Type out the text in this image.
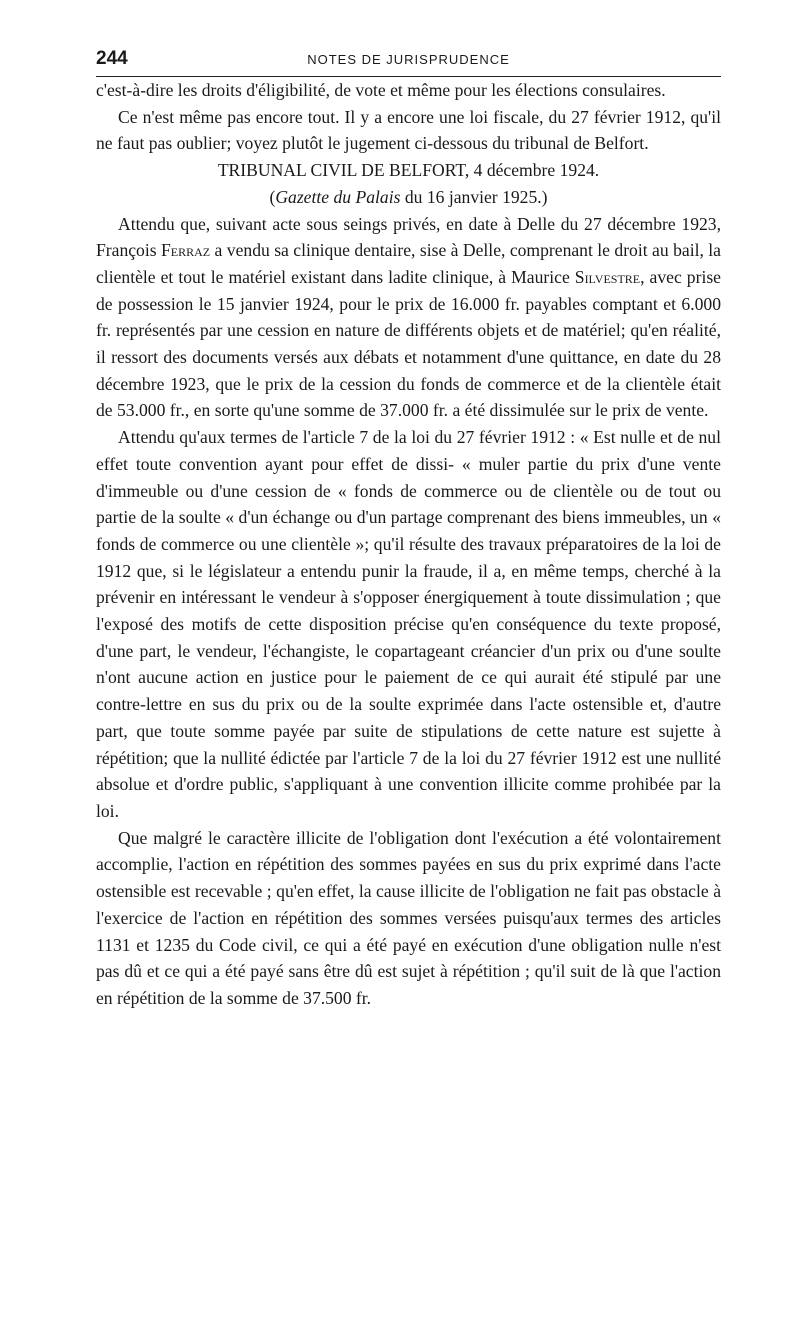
244	NOTES DE JURISPRUDENCE

c'est-à-dire les droits d'éligibilité, de vote et même pour les élections consulaires.

Ce n'est même pas encore tout. Il y a encore une loi fiscale, du 27 février 1912, qu'il ne faut pas oublier; voyez plutôt le jugement ci-dessous du tribunal de Belfort.

TRIBUNAL CIVIL DE BELFORT, 4 décembre 1924.

(Gazette du Palais du 16 janvier 1925.)

Attendu que, suivant acte sous seings privés, en date à Delle du 27 décembre 1923, François Ferraz a vendu sa clinique dentaire, sise à Delle, comprenant le droit au bail, la clientèle et tout le matériel existant dans ladite clinique, à Maurice Silvestre, avec prise de possession le 15 janvier 1924, pour le prix de 16.000 fr. payables comptant et 6.000 fr. représentés par une cession en nature de différents objets et de matériel; qu'en réalité, il ressort des documents versés aux débats et notamment d'une quittance, en date du 28 décembre 1923, que le prix de la cession du fonds de commerce et de la clientèle était de 53.000 fr., en sorte qu'une somme de 37.000 fr. a été dissimulée sur le prix de vente.

Attendu qu'aux termes de l'article 7 de la loi du 27 février 1912 : « Est nulle et de nul effet toute convention ayant pour effet de dissi- « muler partie du prix d'une vente d'immeuble ou d'une cession de « fonds de commerce ou de clientèle ou de tout ou partie de la soulte « d'un échange ou d'un partage comprenant des biens immeubles, un « fonds de commerce ou une clientèle »; qu'il résulte des travaux préparatoires de la loi de 1912 que, si le législateur a entendu punir la fraude, il a, en même temps, cherché à la prévenir en intéressant le vendeur à s'opposer énergiquement à toute dissimulation ; que l'exposé des motifs de cette disposition précise qu'en conséquence du texte proposé, d'une part, le vendeur, l'échangiste, le copartageant créancier d'un prix ou d'une soulte n'ont aucune action en justice pour le paiement de ce qui aurait été stipulé par une contre-lettre en sus du prix ou de la soulte exprimée dans l'acte ostensible et, d'autre part, que toute somme payée par suite de stipulations de cette nature est sujette à répétition; que la nullité édictée par l'article 7 de la loi du 27 février 1912 est une nullité absolue et d'ordre public, s'appliquant à une convention illicite comme prohibée par la loi.

Que malgré le caractère illicite de l'obligation dont l'exécution a été volontairement accomplie, l'action en répétition des sommes payées en sus du prix exprimé dans l'acte ostensible est recevable ; qu'en effet, la cause illicite de l'obligation ne fait pas obstacle à l'exercice de l'action en répétition des sommes versées puisqu'aux termes des articles 1131 et 1235 du Code civil, ce qui a été payé en exécution d'une obligation nulle n'est pas dû et ce qui a été payé sans être dû est sujet à répétition ; qu'il suit de là que l'action en répétition de la somme de 37.500 fr.
